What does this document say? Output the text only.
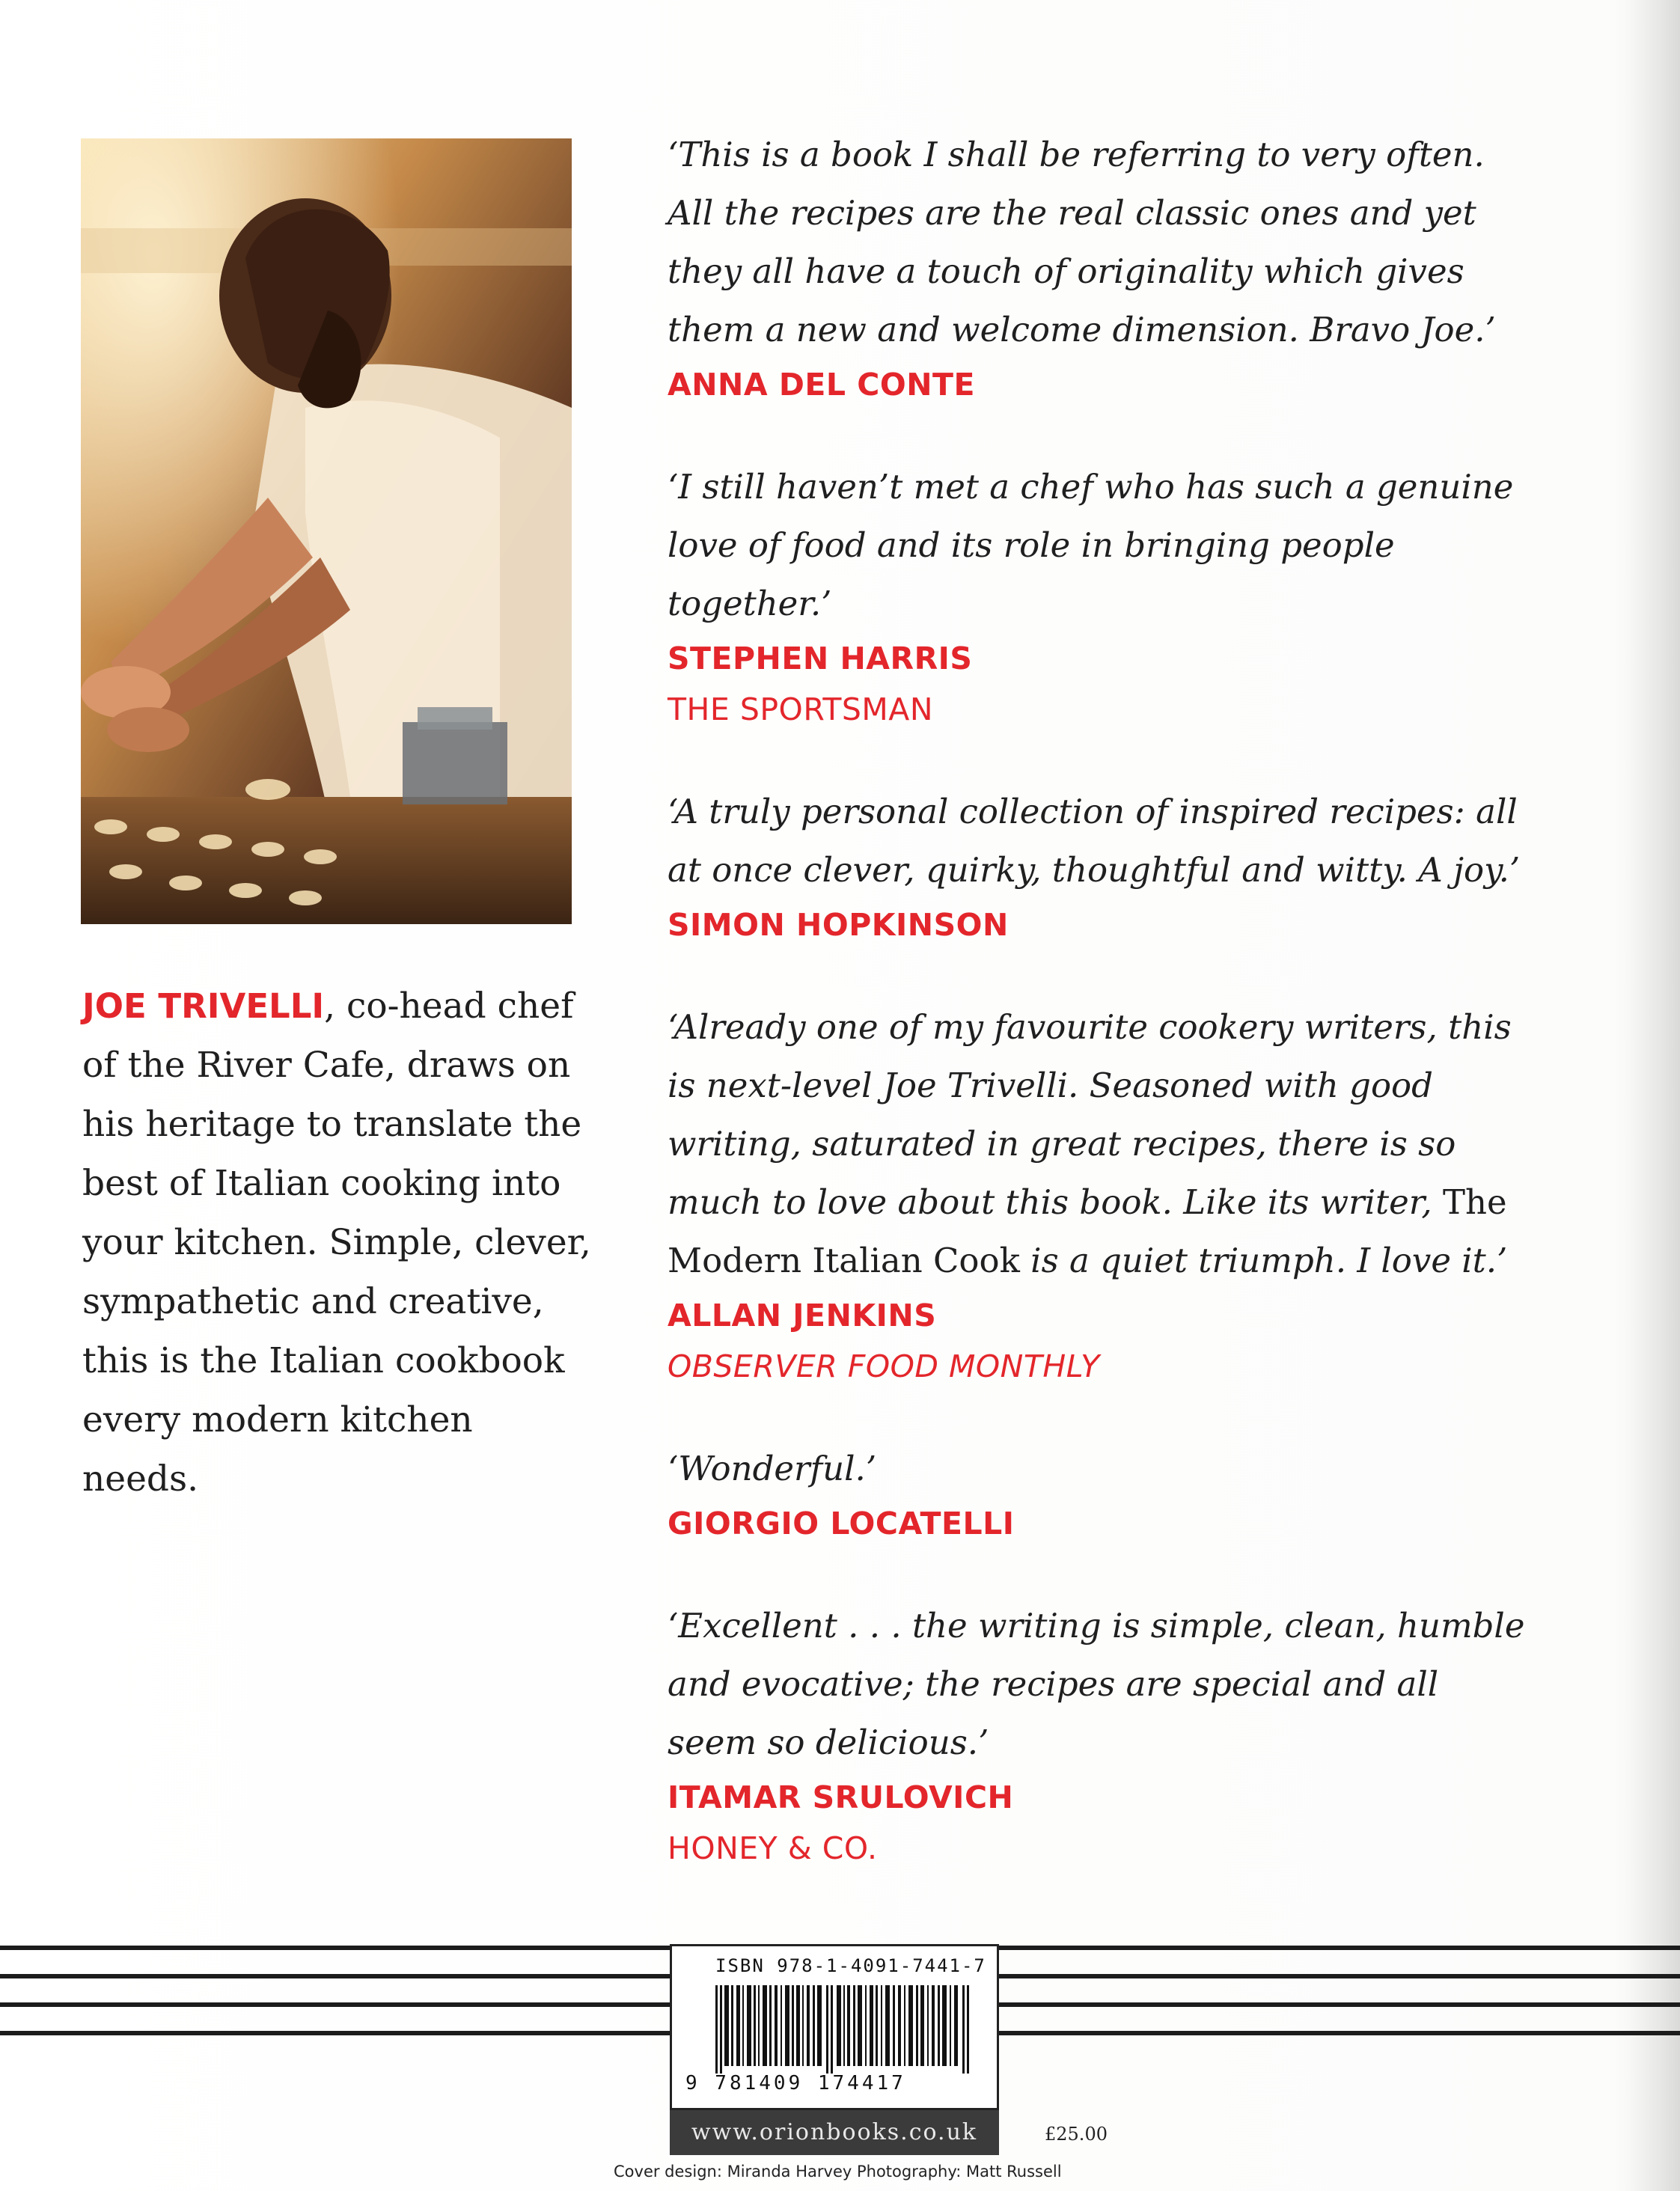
JOE TRIVELLI, co-head chef of the River Cafe, draws on his heritage to translate the best of Italian cooking into your kitchen. Simple, clever, sympathetic and creative, this is the Italian cookbook every modern kitchen needs.

‘This is a book I shall be referring to very often. All the recipes are the real classic ones and yet they all have a touch of originality which gives them a new and welcome dimension. Bravo Joe.’

ANNA DEL CONTE

‘I still haven’t met a chef who has such a genuine love of food and its role in bringing people together.’

STEPHEN HARRIS

THE SPORTSMAN

‘A truly personal collection of inspired recipes: all at once clever, quirky, thoughtful and witty. A joy.’

SIMON HOPKINSON

‘Already one of my favourite cookery writers, this is next-level Joe Trivelli. Seasoned with good writing, saturated in great recipes, there is so much to love about this book. Like its writer, The Modern Italian Cook is a quiet triumph. I love it.’

ALLAN JENKINS

OBSERVER FOOD MONTHLY

‘Wonderful.’

GIORGIO LOCATELLI

‘Excellent . . . the writing is simple, clean, humble and evocative; the recipes are special and all seem so delicious.’

ITAMAR SRULOVICH

HONEY & CO.

ISBN 978-1-4091-7441-7
9 781409 174417
www.orionbooks.co.uk	£25.00
Cover design: Miranda Harvey Photography: Matt Russell
